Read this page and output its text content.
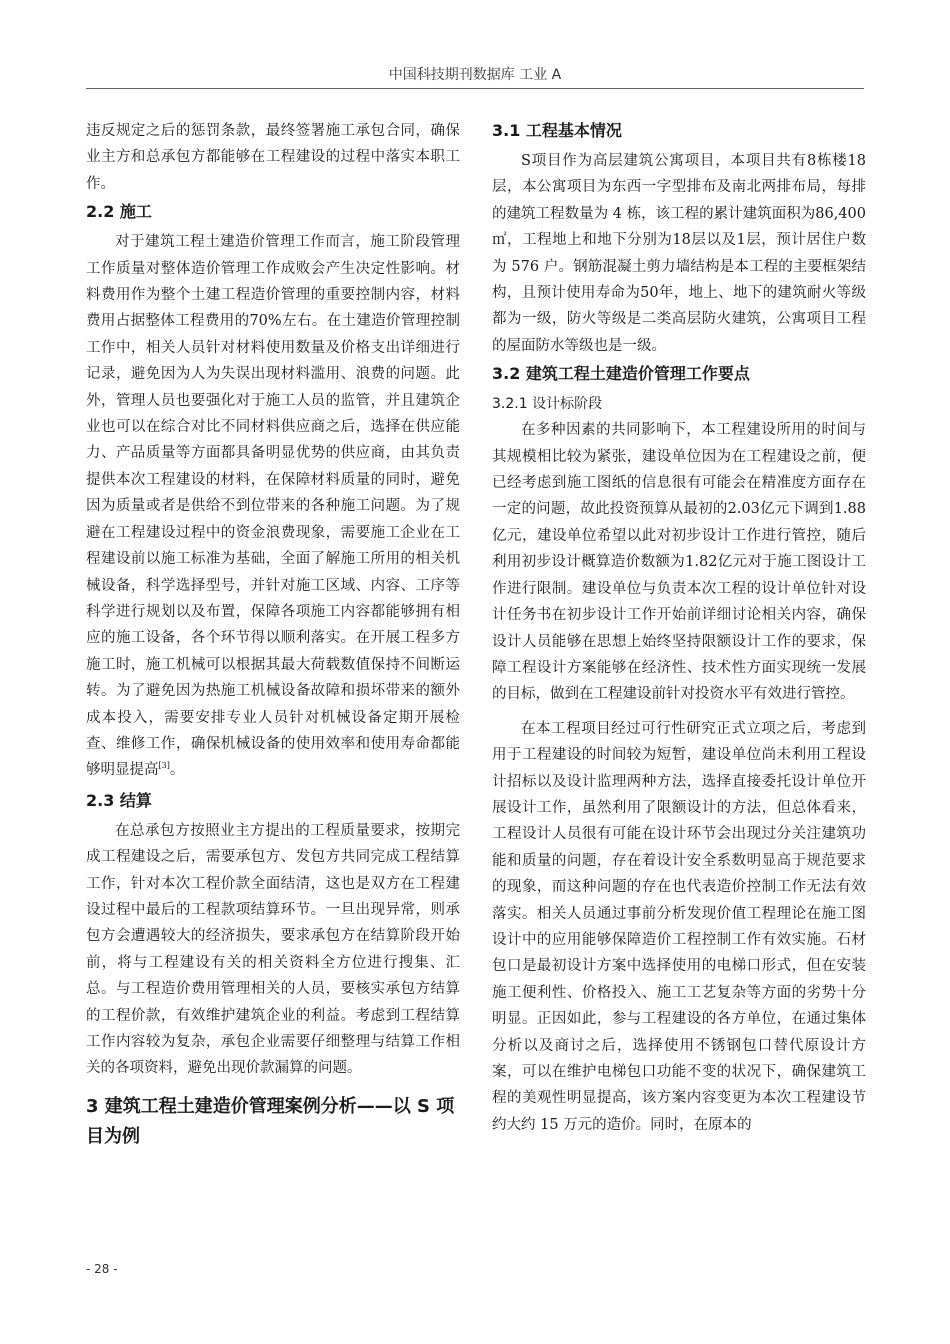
中国科技期刊数据库 工业 A

违反规定之后的惩罚条款，最终签署施工承包合同，确保业主方和总承包方都能够在工程建设的过程中落实本职工作。

2.2 施工

对于建筑工程土建造价管理工作而言，施工阶段管理工作质量对整体造价管理工作成败会产生决定性影响。材料费用作为整个土建工程造价管理的重要控制内容，材料费用占据整体工程费用的70%左右。在土建造价管理控制工作中，相关人员针对材料使用数量及价格支出详细进行记录，避免因为人为失误出现材料滥用、浪费的问题。此外，管理人员也要强化对于施工人员的监管，并且建筑企业也可以在综合对比不同材料供应商之后，选择在供应能力、产品质量等方面都具备明显优势的供应商，由其负责提供本次工程建设的材料，在保障材料质量的同时，避免因为质量或者是供给不到位带来的各种施工问题。为了规避在工程建设过程中的资金浪费现象，需要施工企业在工程建设前以施工标准为基础，全面了解施工所用的相关机械设备，科学选择型号，并针对施工区域、内容、工序等科学进行规划以及布置，保障各项施工内容都能够拥有相应的施工设备，各个环节得以顺利落实。在开展工程多方施工时，施工机械可以根据其最大荷载数值保持不间断运转。为了避免因为热施工机械设备故障和损坏带来的额外成本投入，需要安排专业人员针对机械设备定期开展检查、维修工作，确保机械设备的使用效率和使用寿命都能够明显提高[3]。

2.3 结算

在总承包方按照业主方提出的工程质量要求，按期完成工程建设之后，需要承包方、发包方共同完成工程结算工作，针对本次工程价款全面结清，这也是双方在工程建设过程中最后的工程款项结算环节。一旦出现异常，则承包方会遭遇较大的经济损失，要求承包方在结算阶段开始前，将与工程建设有关的相关资料全方位进行搜集、汇总。与工程造价费用管理相关的人员，要核实承包方结算的工程价款，有效维护建筑企业的利益。考虑到工程结算工作内容较为复杂，承包企业需要仔细整理与结算工作相关的各项资料，避免出现价款漏算的问题。

3 建筑工程土建造价管理案例分析——以 S 项目为例
3.1 工程基本情况

S项目作为高层建筑公寓项目，本项目共有8栋楼18层，本公寓项目为东西一字型排布及南北两排布局，每排的建筑工程数量为 4 栋，该工程的累计建筑面积为86,400㎡，工程地上和地下分别为18层以及1层，预计居住户数为 576 户。钢筋混凝土剪力墙结构是本工程的主要框架结构，且预计使用寿命为50年，地上、地下的建筑耐火等级都为一级，防火等级是二类高层防火建筑，公寓项目工程的屋面防水等级也是一级。

3.2 建筑工程土建造价管理工作要点
3.2.1 设计标阶段

在多种因素的共同影响下，本工程建设所用的时间与其规模相比较为紧张，建设单位因为在工程建设之前，便已经考虑到施工图纸的信息很有可能会在精准度方面存在一定的问题，故此投资预算从最初的2.03亿元下调到1.88亿元，建设单位希望以此对初步设计工作进行管控，随后利用初步设计概算造价数额为1.82亿元对于施工图设计工作进行限制。建设单位与负责本次工程的设计单位针对设计任务书在初步设计工作开始前详细讨论相关内容，确保设计人员能够在思想上始终坚持限额设计工作的要求，保障工程设计方案能够在经济性、技术性方面实现统一发展的目标，做到在工程建设前针对投资水平有效进行管控。

在本工程项目经过可行性研究正式立项之后，考虑到用于工程建设的时间较为短暂，建设单位尚未利用工程设计招标以及设计监理两种方法，选择直接委托设计单位开展设计工作，虽然利用了限额设计的方法，但总体看来，工程设计人员很有可能在设计环节会出现过分关注建筑功能和质量的问题，存在着设计安全系数明显高于规范要求的现象，而这种问题的存在也代表造价控制工作无法有效落实。相关人员通过事前分析发现价值工程理论在施工图设计中的应用能够保障造价工程控制工作有效实施。石材包口是最初设计方案中选择使用的电梯口形式，但在安装施工便利性、价格投入、施工工艺复杂等方面的劣势十分明显。正因如此，参与工程建设的各方单位，在通过集体分析以及商讨之后，选择使用不锈钢包口替代原设计方案，可以在维护电梯包口功能不变的状况下，确保建筑工程的美观性明显提高，该方案内容变更为本次工程建设节约大约 15 万元的造价。同时，在原本的

- 28 -
